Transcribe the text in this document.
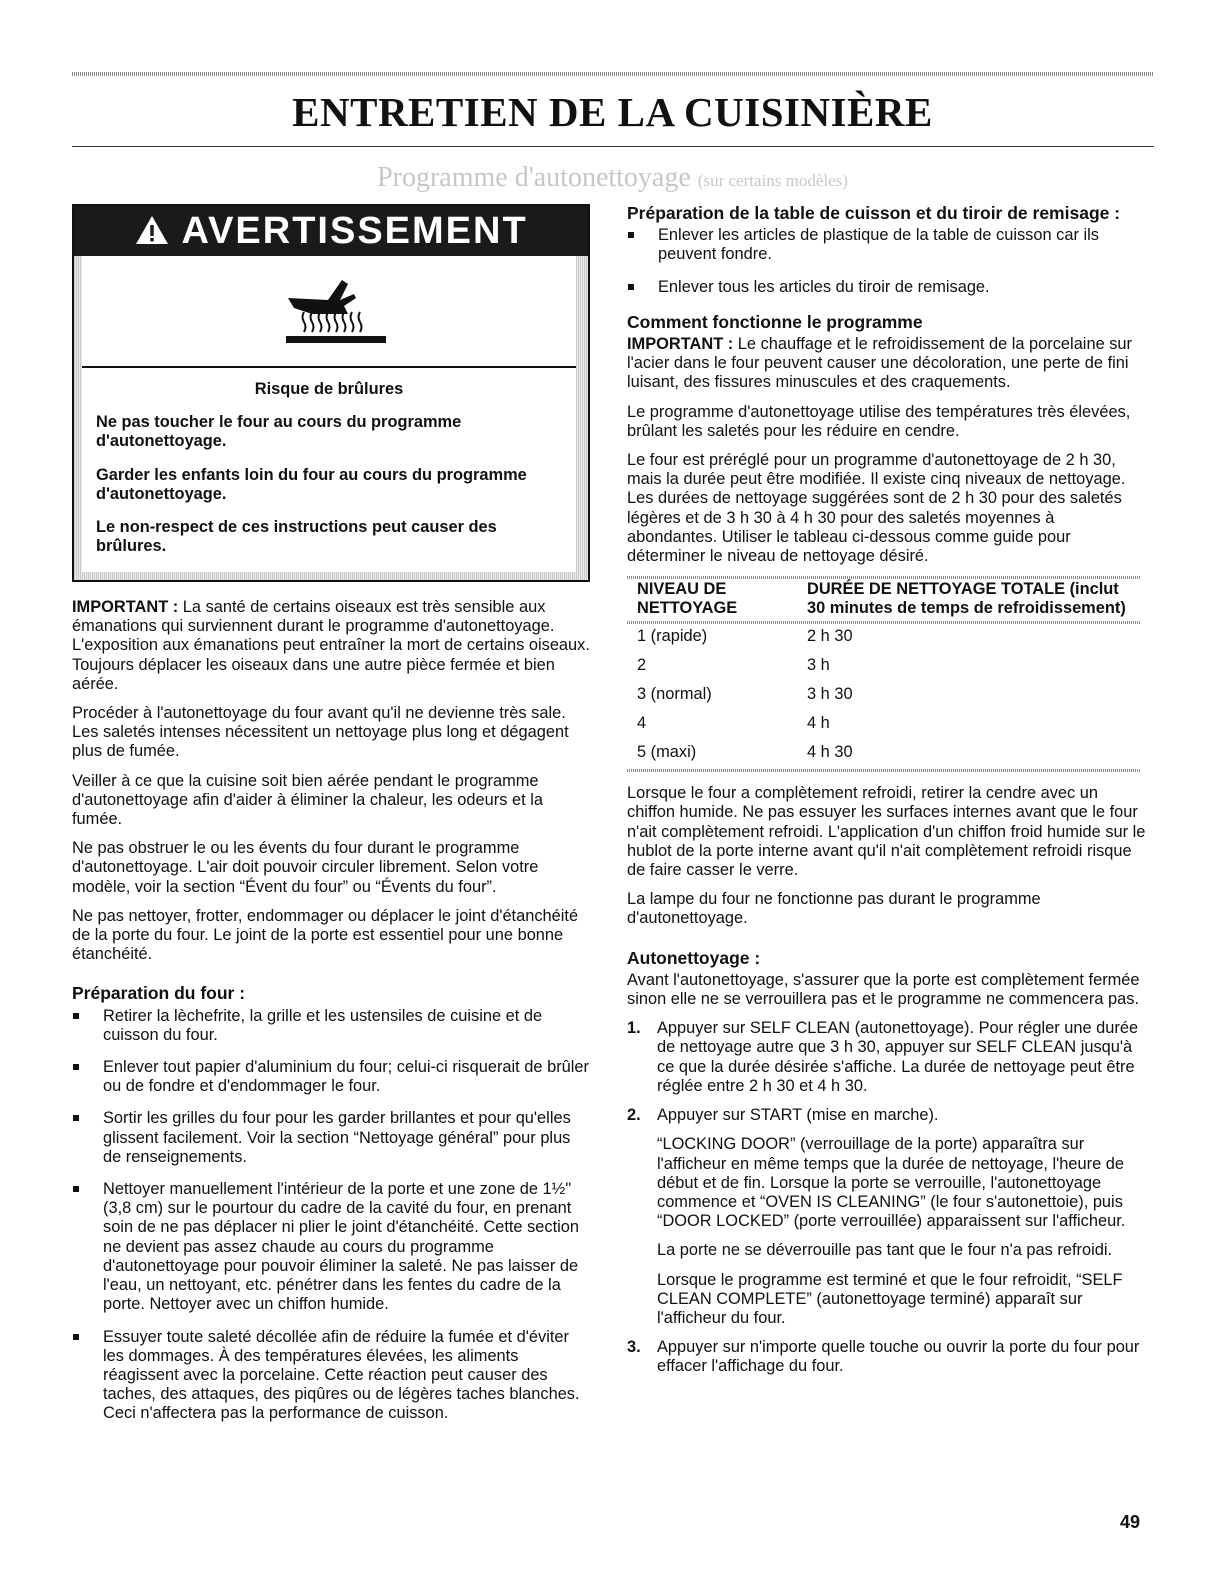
ENTRETIEN DE LA CUISINIÈRE
Programme d'autonettoyage (sur certains modèles)
AVERTISSEMENT
Risque de brûlures

Ne pas toucher le four au cours du programme d'autonettoyage.

Garder les enfants loin du four au cours du programme d'autonettoyage.

Le non-respect de ces instructions peut causer des brûlures.

IMPORTANT : La santé de certains oiseaux est très sensible aux émanations qui surviennent durant le programme d'autonettoyage. L'exposition aux émanations peut entraîner la mort de certains oiseaux. Toujours déplacer les oiseaux dans une autre pièce fermée et bien aérée.

Procéder à l'autonettoyage du four avant qu'il ne devienne très sale. Les saletés intenses nécessitent un nettoyage plus long et dégagent plus de fumée.

Veiller à ce que la cuisine soit bien aérée pendant le programme d'autonettoyage afin d'aider à éliminer la chaleur, les odeurs et la fumée.

Ne pas obstruer le ou les évents du four durant le programme d'autonettoyage. L'air doit pouvoir circuler librement. Selon votre modèle, voir la section “Évent du four” ou “Évents du four”.

Ne pas nettoyer, frotter, endommager ou déplacer le joint d'étanchéité de la porte du four. Le joint de la porte est essentiel pour une bonne étanchéité.

Préparation du four :
Retirer la lèchefrite, la grille et les ustensiles de cuisine et de cuisson du four.
Enlever tout papier d'aluminium du four; celui-ci risquerait de brûler ou de fondre et d'endommager le four.
Sortir les grilles du four pour les garder brillantes et pour qu'elles glissent facilement. Voir la section “Nettoyage général” pour plus de renseignements.
Nettoyer manuellement l'intérieur de la porte et une zone de 1½" (3,8 cm) sur le pourtour du cadre de la cavité du four, en prenant soin de ne pas déplacer ni plier le joint d'étanchéité. Cette section ne devient pas assez chaude au cours du programme d'autonettoyage pour pouvoir éliminer la saleté. Ne pas laisser de l'eau, un nettoyant, etc. pénétrer dans les fentes du cadre de la porte. Nettoyer avec un chiffon humide.
Essuyer toute saleté décollée afin de réduire la fumée et d'éviter les dommages. À des températures élevées, les aliments réagissent avec la porcelaine. Cette réaction peut causer des taches, des attaques, des piqûres ou de légères taches blanches. Ceci n'affectera pas la performance de cuisson.
Préparation de la table de cuisson et du tiroir de remisage :
Enlever les articles de plastique de la table de cuisson car ils peuvent fondre.
Enlever tous les articles du tiroir de remisage.
Comment fonctionne le programme

IMPORTANT : Le chauffage et le refroidissement de la porcelaine sur l'acier dans le four peuvent causer une décoloration, une perte de fini luisant, des fissures minuscules et des craquements.

Le programme d'autonettoyage utilise des températures très élevées, brûlant les saletés pour les réduire en cendre.

Le four est préréglé pour un programme d'autonettoyage de 2 h 30, mais la durée peut être modifiée. Il existe cinq niveaux de nettoyage. Les durées de nettoyage suggérées sont de 2 h 30 pour des saletés légères et de 3 h 30 à 4 h 30 pour des saletés moyennes à abondantes. Utiliser le tableau ci-dessous comme guide pour déterminer le niveau de nettoyage désiré.

NIVEAU DE NETTOYAGE
DURÉE DE NETTOYAGE TOTALE (inclut 30 minutes de temps de refroidissement)
1 (rapide)	2 h 30
2	3 h
3 (normal)	3 h 30
4	4 h
5 (maxi)	4 h 30

Lorsque le four a complètement refroidi, retirer la cendre avec un chiffon humide. Ne pas essuyer les surfaces internes avant que le four n'ait complètement refroidi. L'application d'un chiffon froid humide sur le hublot de la porte interne avant qu'il n'ait complètement refroidi risque de faire casser le verre.

La lampe du four ne fonctionne pas durant le programme d'autonettoyage.

Autonettoyage :

Avant l'autonettoyage, s'assurer que la porte est complètement fermée sinon elle ne se verrouillera pas et le programme ne commencera pas.

1. Appuyer sur SELF CLEAN (autonettoyage). Pour régler une durée de nettoyage autre que 3 h 30, appuyer sur SELF CLEAN jusqu'à ce que la durée désirée s'affiche. La durée de nettoyage peut être réglée entre 2 h 30 et 4 h 30.
2. Appuyer sur START (mise en marche).
“LOCKING DOOR” (verrouillage de la porte) apparaîtra sur l'afficheur en même temps que la durée de nettoyage, l'heure de début et de fin. Lorsque la porte se verrouille, l'autonettoyage commence et “OVEN IS CLEANING” (le four s'autonettoie), puis “DOOR LOCKED” (porte verrouillée) apparaissent sur l'afficheur.
La porte ne se déverrouille pas tant que le four n'a pas refroidi.
Lorsque le programme est terminé et que le four refroidit, “SELF CLEAN COMPLETE” (autonettoyage terminé) apparaît sur l'afficheur du four.
3. Appuyer sur n'importe quelle touche ou ouvrir la porte du four pour effacer l'affichage du four.
49
